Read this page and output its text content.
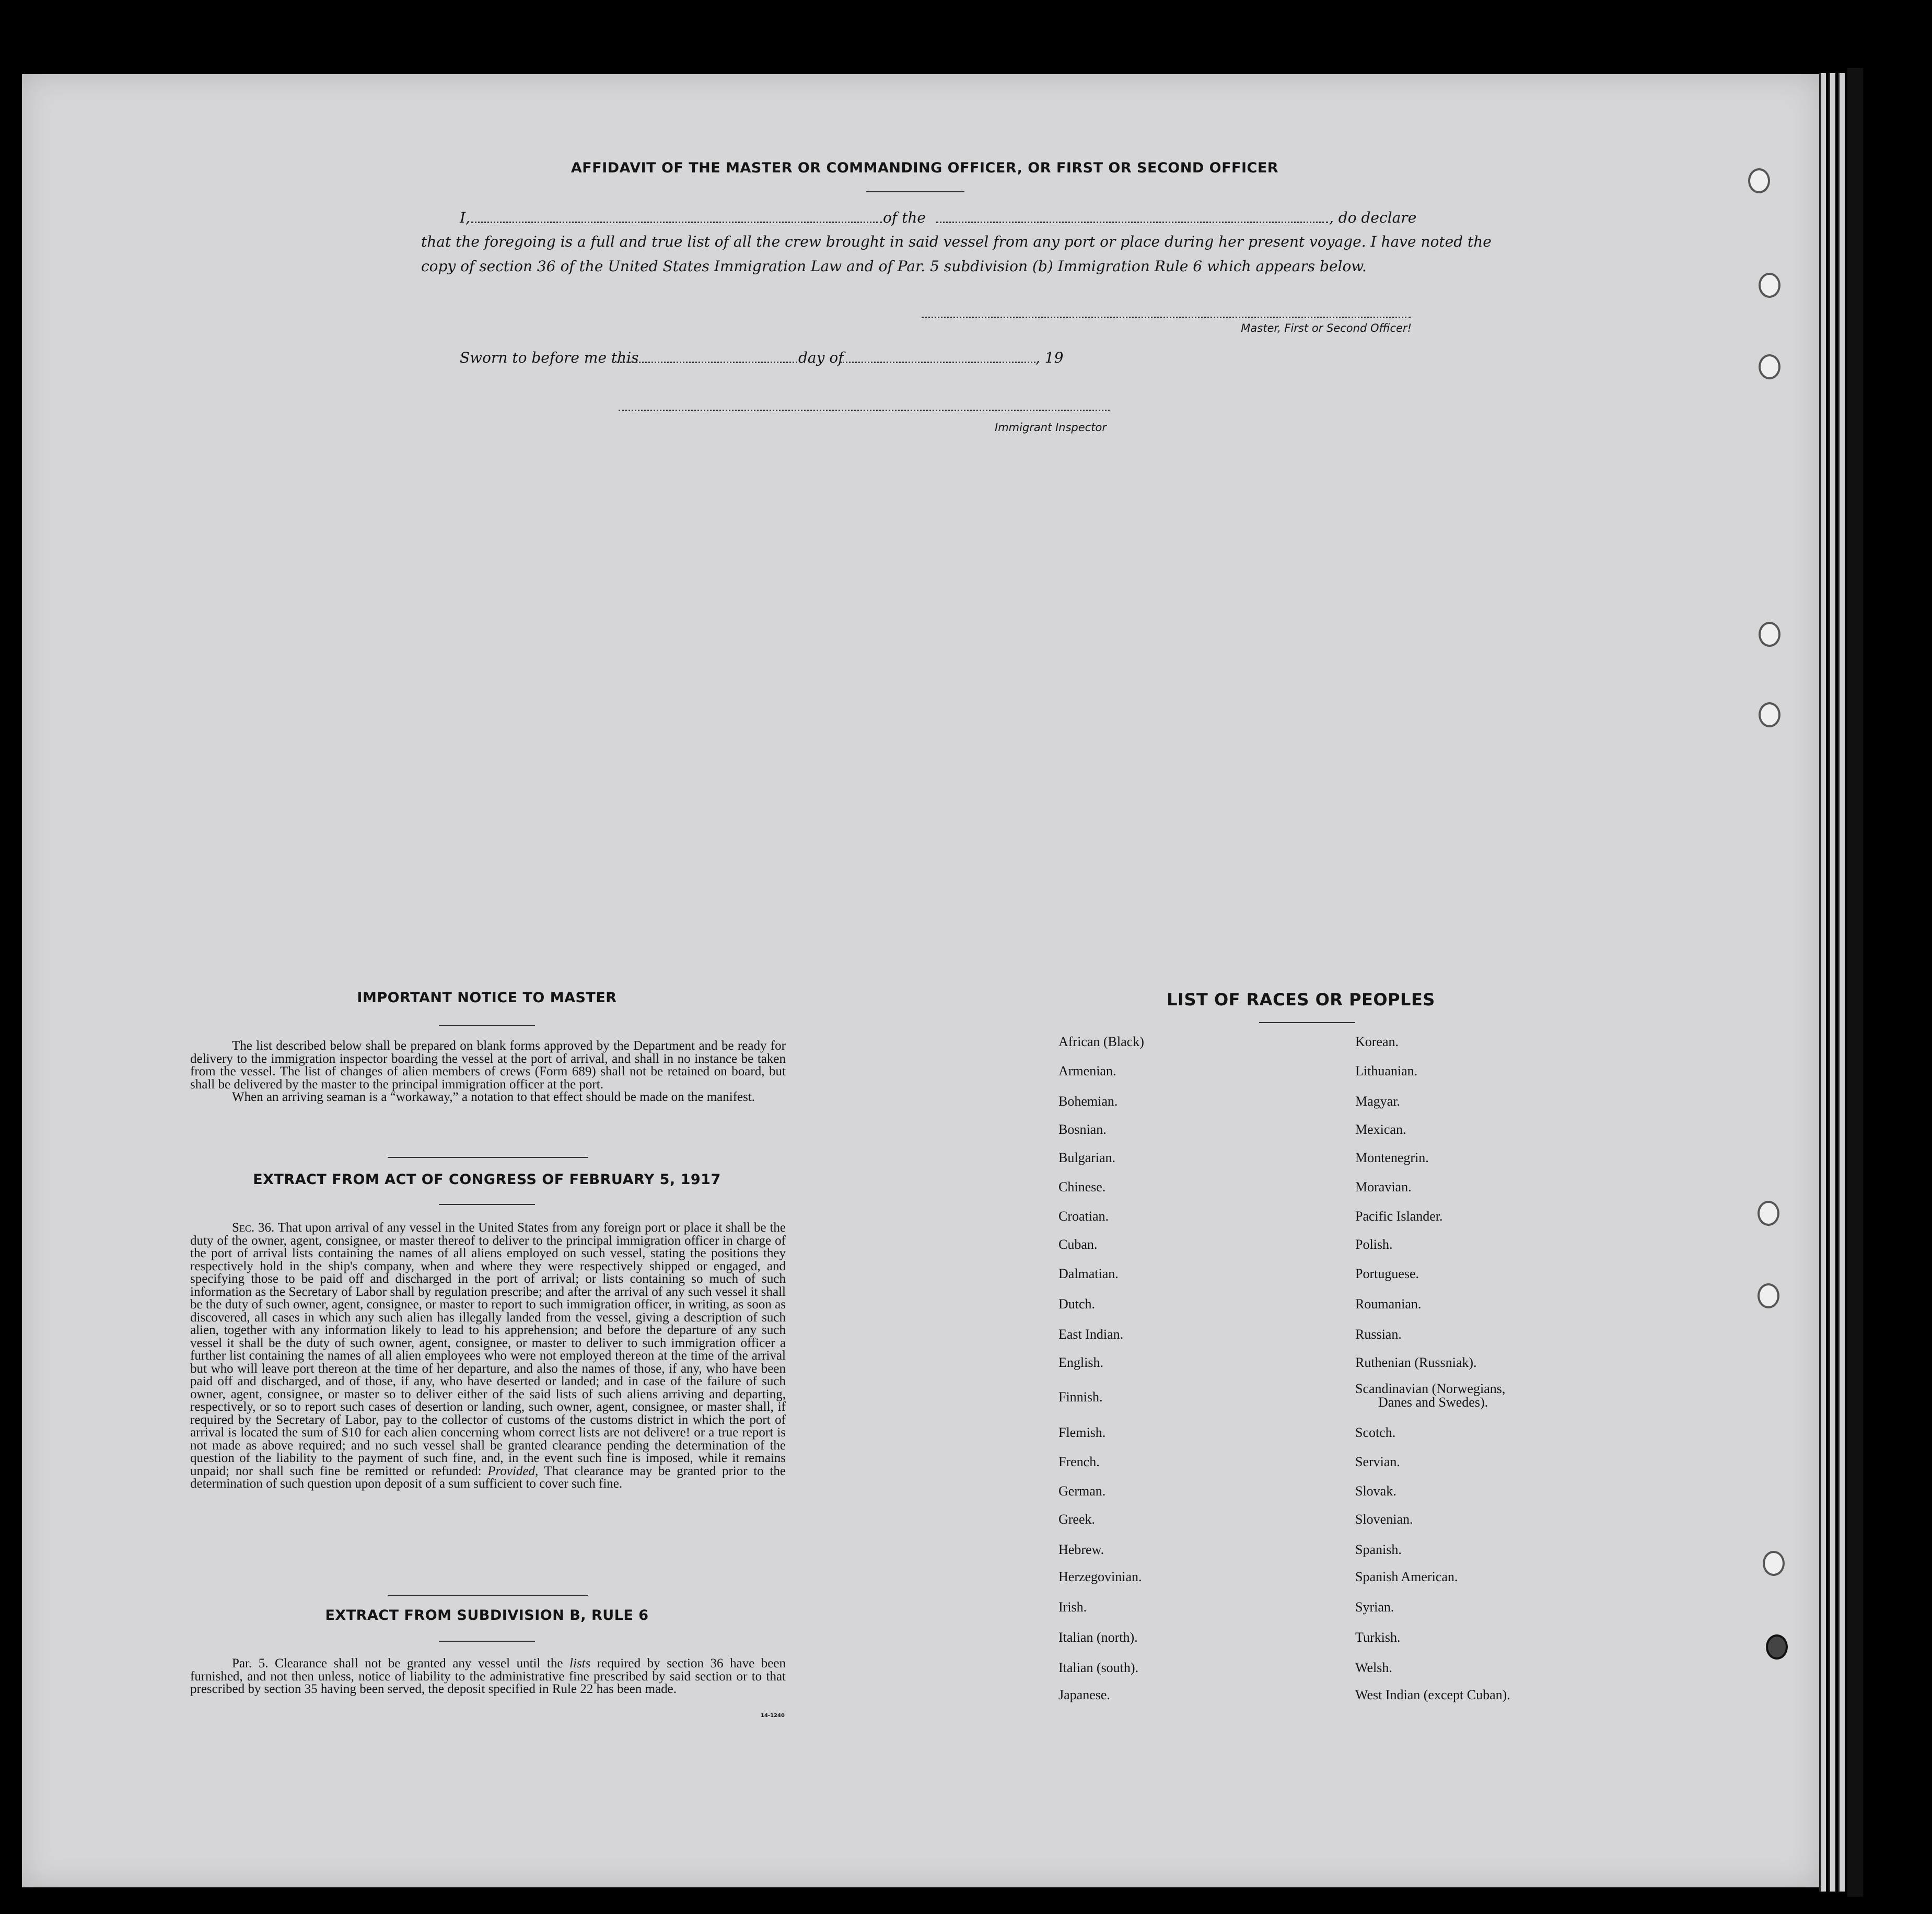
AFFIDAVIT OF THE MASTER OR COMMANDING OFFICER, OR FIRST OR SECOND OFFICER
I,	of the	, do declare
that the foregoing is a full and true list of all the crew brought in said vessel from any port or place during her present voyage. I have noted the
copy of section 36 of the United States Immigration Law and of Par. 5 subdivision (b) Immigration Rule 6 which appears below.
Master, First or Second Officer!
Sworn to before me this	day of	, 19
Immigrant Inspector
IMPORTANT NOTICE TO MASTER

The list described below shall be prepared on blank forms approved by the Department and be ready for delivery to the immigration inspector boarding the vessel at the port of arrival, and shall in no instance be taken from the vessel. The list of changes of alien members of crews (Form 689) shall not be retained on board, but shall be delivered by the master to the principal immigration officer at the port.

When an arriving seaman is a “workaway,” a notation to that effect should be made on the manifest.

EXTRACT FROM ACT OF CONGRESS OF FEBRUARY 5, 1917

Sec. 36. That upon arrival of any vessel in the United States from any foreign port or place it shall be the duty of the owner, agent, consignee, or master thereof to deliver to the principal immigration officer in charge of the port of arrival lists containing the names of all aliens employed on such vessel, stating the positions they respectively hold in the ship's company, when and where they were respectively shipped or engaged, and specifying those to be paid off and discharged in the port of arrival; or lists containing so much of such information as the Secretary of Labor shall by regulation prescribe; and after the arrival of any such vessel it shall be the duty of such owner, agent, consignee, or master to report to such immigration officer, in writing, as soon as discovered, all cases in which any such alien has illegally landed from the vessel, giving a description of such alien, together with any information likely to lead to his apprehension; and before the departure of any such vessel it shall be the duty of such owner, agent, consignee, or master to deliver to such immigration officer a further list containing the names of all alien employees who were not employed thereon at the time of the arrival but who will leave port thereon at the time of her departure, and also the names of those, if any, who have been paid off and discharged, and of those, if any, who have deserted or landed; and in case of the failure of such owner, agent, consignee, or master so to deliver either of the said lists of such aliens arriving and departing, respectively, or so to report such cases of desertion or landing, such owner, agent, consignee, or master shall, if required by the Secretary of Labor, pay to the collector of customs of the customs district in which the port of arrival is located the sum of $10 for each alien concerning whom correct lists are not delivere! or a true report is not made as above required; and no such vessel shall be granted clearance pending the determination of the question of the liability to the payment of such fine, and, in the event such fine is imposed, while it remains unpaid; nor shall such fine be remitted or refunded: Provided, That clearance may be granted prior to the determination of such question upon deposit of a sum sufficient to cover such fine.

EXTRACT FROM SUBDIVISION B, RULE 6

Par. 5. Clearance shall not be granted any vessel until the lists required by section 36 have been furnished, and not then unless, notice of liability to the administrative fine prescribed by said section or to that prescribed by section 35 having been served, the deposit specified in Rule 22 has been made.

14-1240
LIST OF RACES OR PEOPLES
African (Black)
Armenian.
Bohemian.
Bosnian.
Bulgarian.
Chinese.
Croatian.
Cuban.
Dalmatian.
Dutch.
East Indian.
English.
Finnish.
Flemish.
French.
German.
Greek.
Hebrew.
Herzegovinian.
Irish.
Italian (north).
Italian (south).
Japanese.
Korean.
Lithuanian.
Magyar.
Mexican.
Montenegrin.
Moravian.
Pacific Islander.
Polish.
Portuguese.
Roumanian.
Russian.
Ruthenian (Russniak).
Scandinavian (Norwegians,
Danes and Swedes).
Scotch.
Servian.
Slovak.
Slovenian.
Spanish.
Spanish American.
Syrian.
Turkish.
Welsh.
West Indian (except Cuban).
